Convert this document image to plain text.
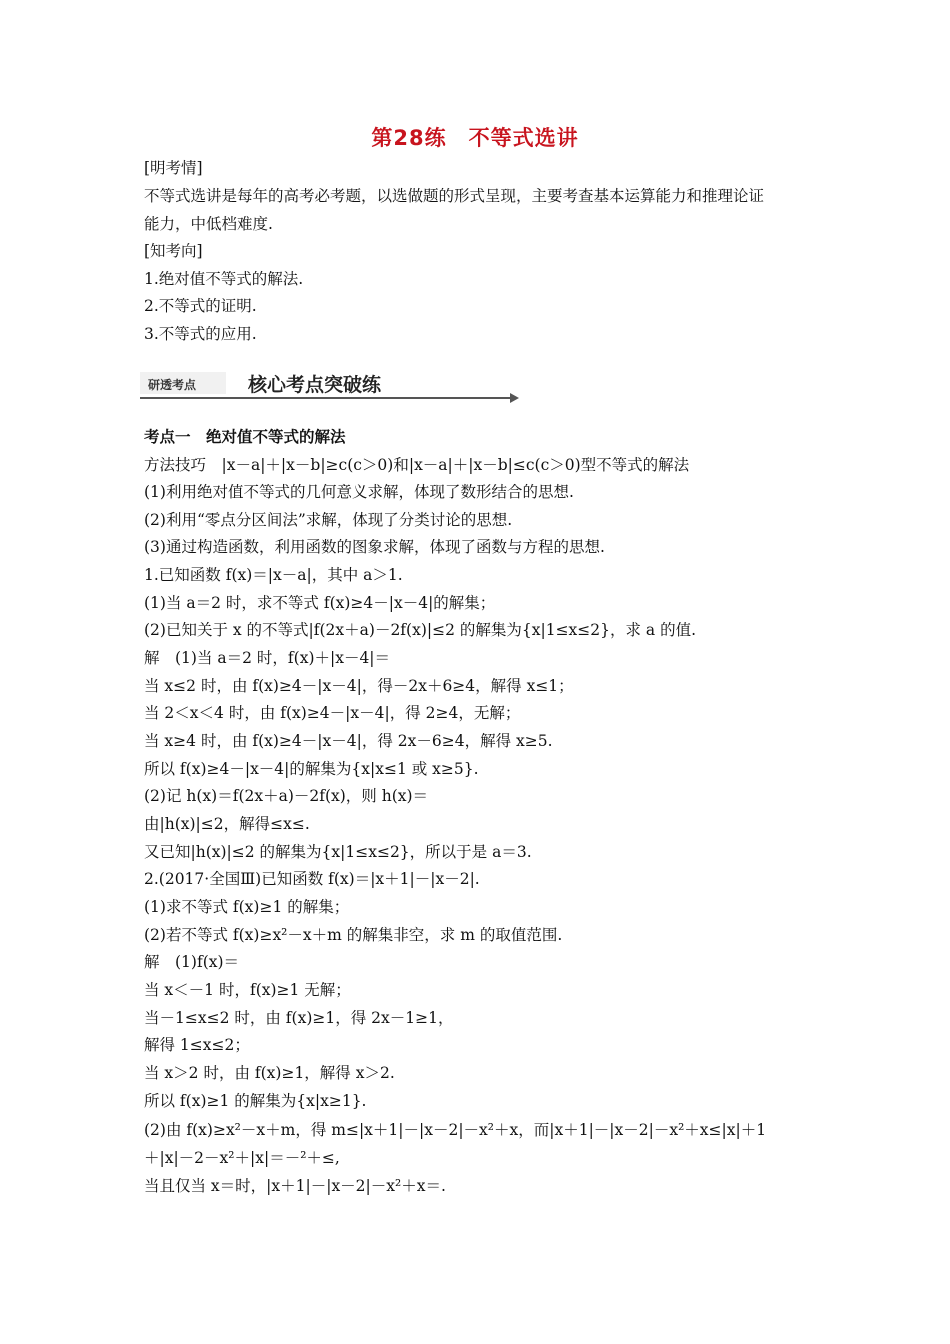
第28练　不等式选讲
[明考情]
不等式选讲是每年的高考必考题，以选做题的形式呈现，主要考查基本运算能力和推理论证
能力，中低档难度.
[知考向]
1.绝对值不等式的解法.
2.不等式的证明.
3.不等式的应用.
研透考点	核心考点突破练
考点一　绝对值不等式的解法
方法技巧　|x－a|＋|x－b|≥c(c＞0)和|x－a|＋|x－b|≤c(c＞0)型不等式的解法
(1)利用绝对值不等式的几何意义求解，体现了数形结合的思想.
(2)利用“零点分区间法”求解，体现了分类讨论的思想.
(3)通过构造函数，利用函数的图象求解，体现了函数与方程的思想.
1.已知函数 f(x)＝|x－a|，其中 a＞1.
(1)当 a＝2 时，求不等式 f(x)≥4－|x－4|的解集；
(2)已知关于 x 的不等式|f(2x＋a)－2f(x)|≤2 的解集为{x|1≤x≤2}，求 a 的值.
解　(1)当 a＝2 时，f(x)＋|x－4|＝
当 x≤2 时，由 f(x)≥4－|x－4|，得－2x＋6≥4，解得 x≤1；
当 2＜x＜4 时，由 f(x)≥4－|x－4|，得 2≥4，无解；
当 x≥4 时，由 f(x)≥4－|x－4|，得 2x－6≥4，解得 x≥5.
所以 f(x)≥4－|x－4|的解集为{x|x≤1 或 x≥5}.
(2)记 h(x)＝f(2x＋a)－2f(x)，则 h(x)＝
由|h(x)|≤2，解得≤x≤.
又已知|h(x)|≤2 的解集为{x|1≤x≤2}，所以于是 a＝3.
2.(2017·全国Ⅲ)已知函数 f(x)＝|x＋1|－|x－2|.
(1)求不等式 f(x)≥1 的解集；
(2)若不等式 f(x)≥x²－x＋m 的解集非空，求 m 的取值范围.
解　(1)f(x)＝
当 x＜－1 时，f(x)≥1 无解；
当－1≤x≤2 时，由 f(x)≥1，得 2x－1≥1，
解得 1≤x≤2；
当 x＞2 时，由 f(x)≥1，解得 x＞2.
所以 f(x)≥1 的解集为{x|x≥1}.
(2)由 f(x)≥x²－x＋m，得 m≤|x＋1|－|x－2|－x²＋x，而|x＋1|－|x－2|－x²＋x≤|x|＋1
＋|x|－2－x²＋|x|＝－²＋≤,
当且仅当 x＝时，|x＋1|－|x－2|－x²＋x＝.
